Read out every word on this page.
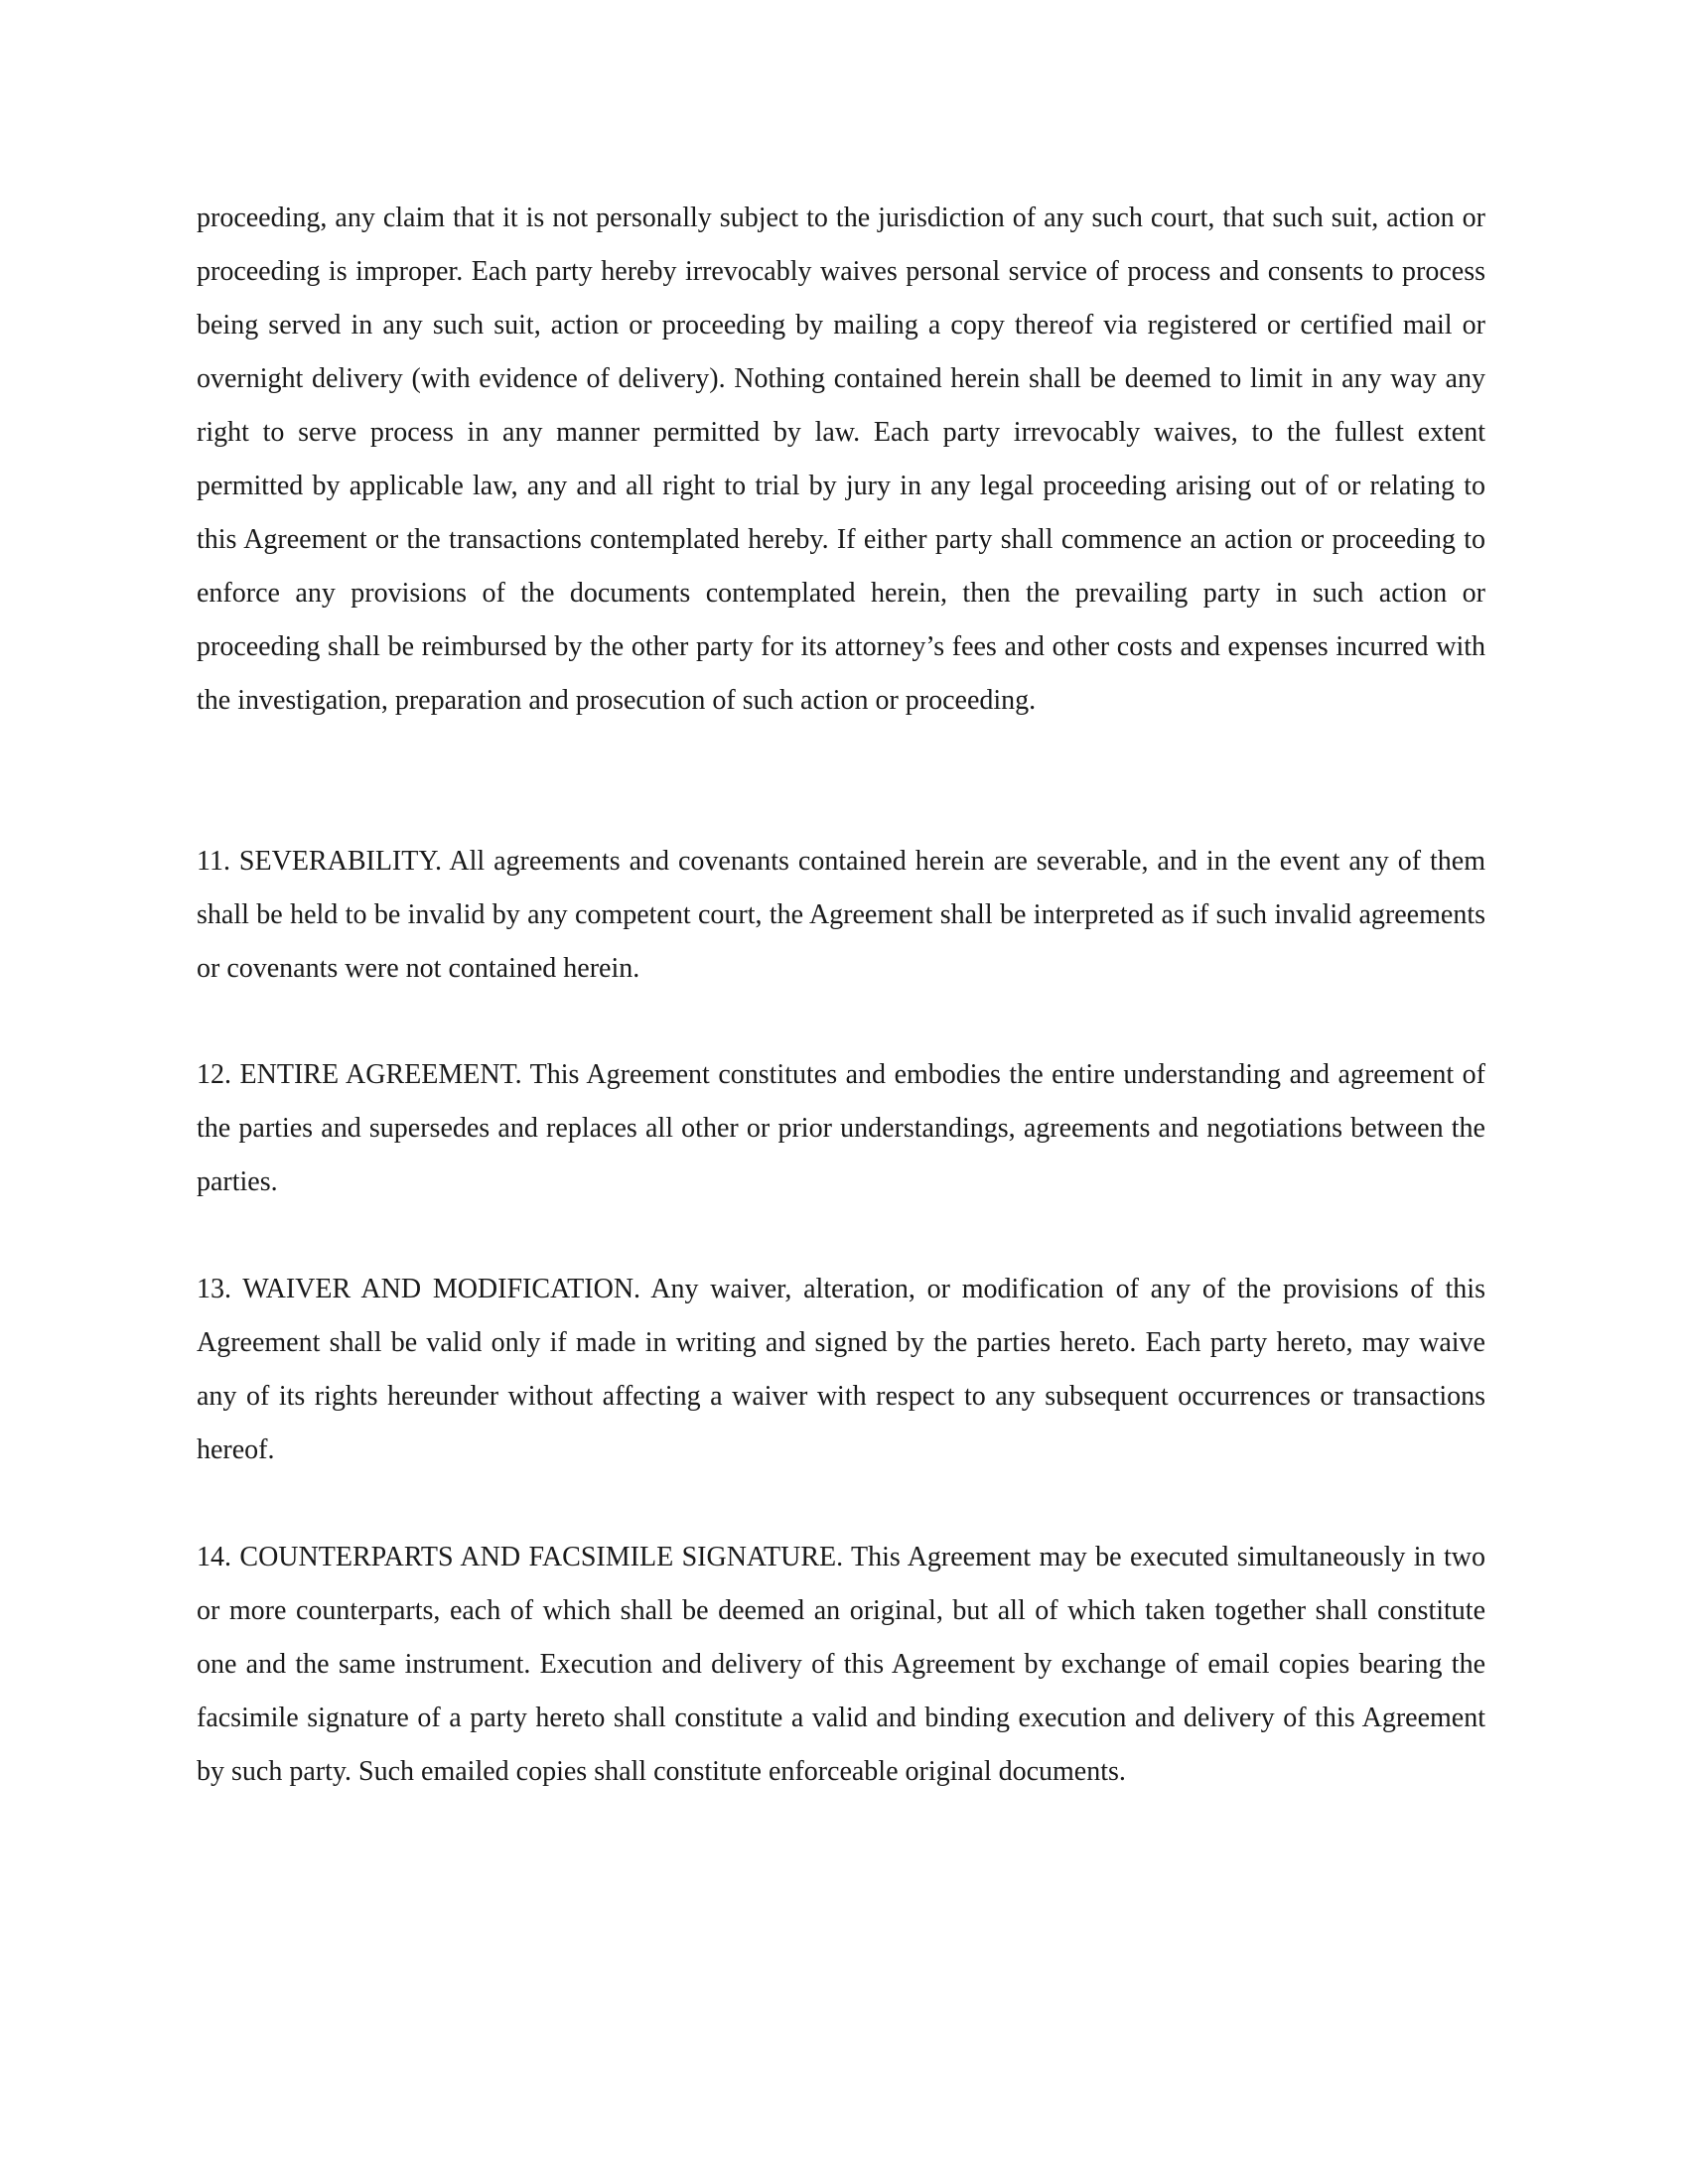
proceeding, any claim that it is not personally subject to the jurisdiction of any such court, that such suit, action or proceeding is improper. Each party hereby irrevocably waives personal service of process and consents to process being served in any such suit, action or proceeding by mailing a copy thereof via registered or certified mail or overnight delivery (with evidence of delivery). Nothing contained herein shall be deemed to limit in any way any right to serve process in any manner permitted by law. Each party irrevocably waives, to the fullest extent permitted by applicable law, any and all right to trial by jury in any legal proceeding arising out of or relating to this Agreement or the transactions contemplated hereby. If either party shall commence an action or proceeding to enforce any provisions of the documents contemplated herein, then the prevailing party in such action or proceeding shall be reimbursed by the other party for its attorney’s fees and other costs and expenses incurred with the investigation, preparation and prosecution of such action or proceeding.

11. SEVERABILITY. All agreements and covenants contained herein are severable, and in the event any of them shall be held to be invalid by any competent court, the Agreement shall be interpreted as if such invalid agreements or covenants were not contained herein.

12. ENTIRE AGREEMENT. This Agreement constitutes and embodies the entire understanding and agreement of the parties and supersedes and replaces all other or prior understandings, agreements and negotiations between the parties.

13. WAIVER AND MODIFICATION. Any waiver, alteration, or modification of any of the provisions of this Agreement shall be valid only if made in writing and signed by the parties hereto. Each party hereto, may waive any of its rights hereunder without affecting a waiver with respect to any subsequent occurrences or transactions hereof.

14. COUNTERPARTS AND FACSIMILE SIGNATURE. This Agreement may be executed simultaneously in two or more counterparts, each of which shall be deemed an original, but all of which taken together shall constitute one and the same instrument. Execution and delivery of this Agreement by exchange of email copies bearing the facsimile signature of a party hereto shall constitute a valid and binding execution and delivery of this Agreement by such party. Such emailed copies shall constitute enforceable original documents.
